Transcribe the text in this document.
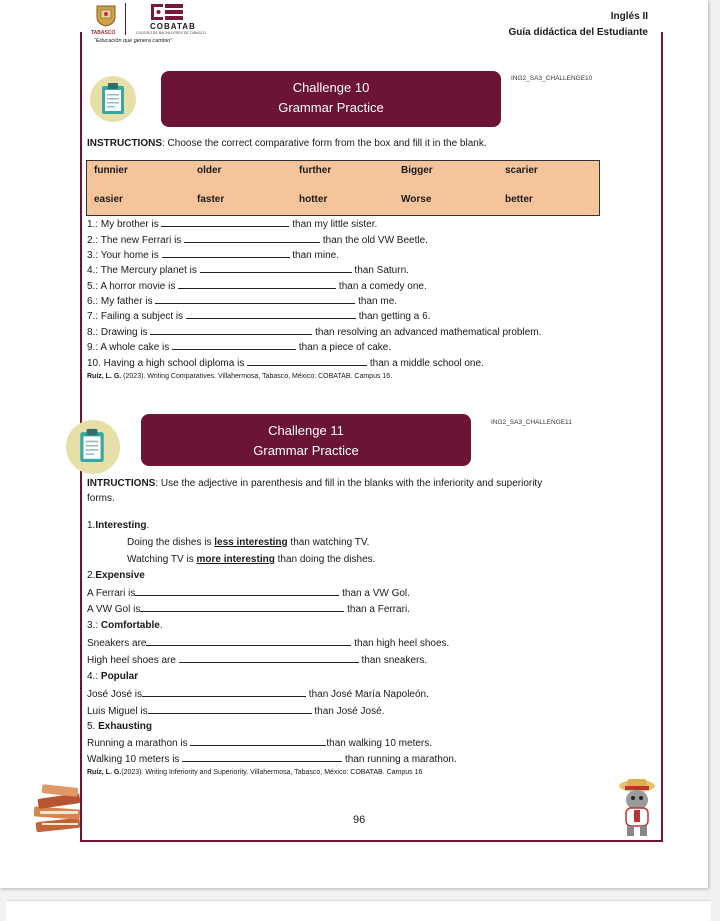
TABASCO
COBATAB
COLEGIO DE BACHILLERES DE TABASCO
“Educación que genera cambio”
Inglés II
Guía didáctica del Estudiante
Challenge 10
Grammar Practice
ING2_SA3_CHALLENGE10
INSTRUCTIONS: Choose the correct comparative form from the box and fill it in the blank.
funnier	older	further	Bigger	scarier
easier	faster	hotter	Worse	better
1.: My brother is	than my little sister.
2.: The new Ferrari is	than the old VW Beetle.
3.: Your home is	than mine.
4.: The Mercury planet is	than Saturn.
5.: A horror movie is	than a comedy one.
6.: My father is	than me.
7.: Failing a subject is	than getting a 6.
8.: Drawing is	than resolving an advanced mathematical problem.
9.: A whole cake is	than a piece of cake.
10. Having a high school diploma is	than a middle school one.
Ruíz, L. G. (2023). Writing Comparatives. Villahermosa, Tabasco, México: COBATAB. Campus 16.
Challenge 11
Grammar Practice
ING2_SA3_CHALLENGE11
INTRUCTIONS: Use the adjective in parenthesis and fill in the blanks with the inferiority and superiority
forms.
1.Interesting.
Doing the dishes is less interesting than watching TV.
Watching TV is more interesting than doing the dishes.
2.Expensive
A Ferrari is	than a VW Gol.
A VW Gol is	than a Ferrari.
3.: Comfortable.
Sneakers are	than high heel shoes.
High heel shoes are	than sneakers.
4.: Popular
José José is	than José María Napoleón.
Luis Miguel is	than José José.
5. Exhausting
Running a marathon is	than walking 10 meters.
Walking 10 meters is	than running a marathon.
Ruíz, L. G.(2023). Writing Inferiority and Superiority. Villahermosa, Tabasco, México: COBATAB. Campus 16
96
